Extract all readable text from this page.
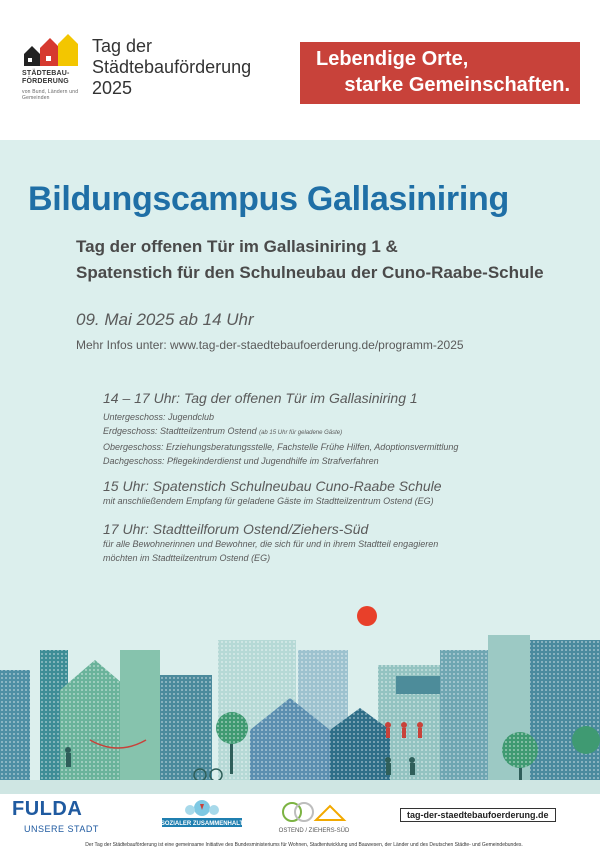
STÄDTEBAU-FÖRDERUNG
von Bund, Ländern und Gemeinden
Tag der
Städtebauförderung
2025
Lebendige Orte,
starke Gemeinschaften.
Bildungscampus Gallasiniring
Tag der offenen Tür im Gallasiniring 1 &
Spatenstich für den Schulneubau der Cuno-Raabe-Schule
09. Mai 2025 ab 14 Uhr
Mehr Infos unter: www.tag-der-staedtebaufoerderung.de/programm-2025
14 – 17 Uhr: Tag der offenen Tür im Gallasiniring 1
Untergeschoss: Jugendclub
Erdgeschoss: Stadtteilzentrum Ostend (ab 15 Uhr für geladene Gäste)
Obergeschoss: Erziehungsberatungsstelle, Fachstelle Frühe Hilfen, Adoptionsvermittlung
Dachgeschoss: Pflegekinderdienst und Jugendhilfe im Strafverfahren
15 Uhr: Spatenstich Schulneubau Cuno-Raabe Schule
mit anschließendem Empfang für geladene Gäste im Stadtteilzentrum Ostend (EG)
17 Uhr: Stadtteilforum Ostend/Ziehers-Süd
für alle Bewohnerinnen und Bewohner, die sich für und in ihrem Stadtteil engagieren
möchten im Stadtteilzentrum Ostend (EG)
FULDA
UNSERE STADT	SOZIALER ZUSAMMENHALT
OSTEND / ZIEHERS-SÜD
tag-der-staedtebaufoerderung.de
Der Tag der Städtebauförderung ist eine gemeinsame Initiative des Bundesministeriums für Wohnen, Stadtentwicklung und Bauwesen, der Länder und des Deutschen Städte- und Gemeindebundes.
